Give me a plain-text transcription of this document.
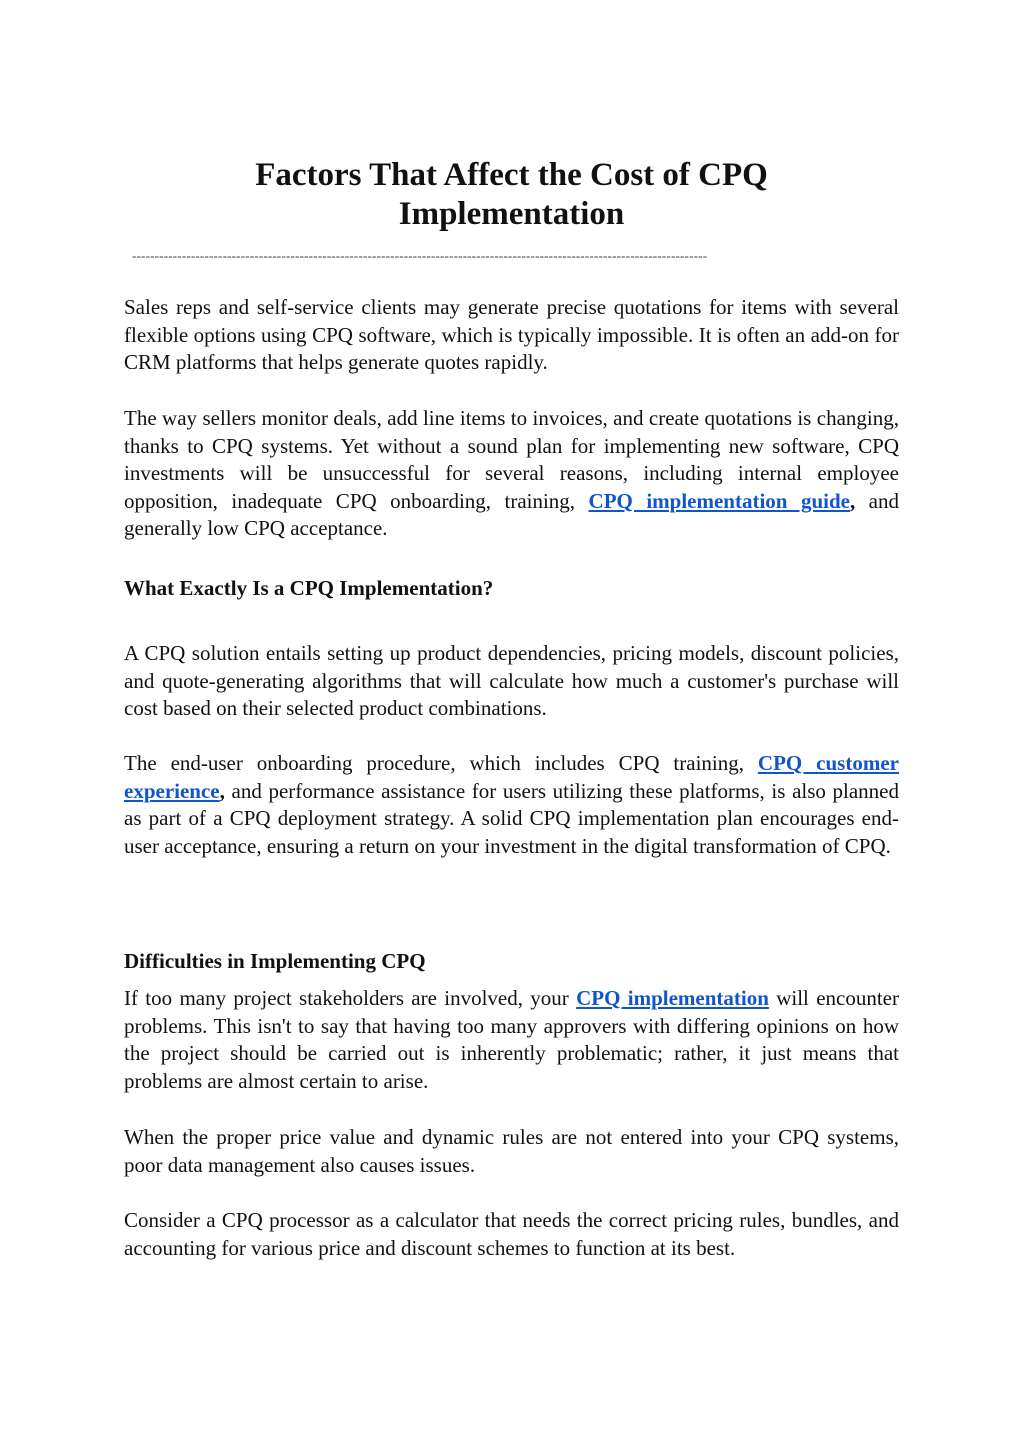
Factors That Affect the Cost of CPQ
Implementation
-------------------------------------------------------------------------------------------------------------------------------

Sales reps and self-service clients may generate precise quotations for items with several flexible options using CPQ software, which is typically impossible. It is often an add-on for CRM platforms that helps generate quotes rapidly.

The way sellers monitor deals, add line items to invoices, and create quotations is changing, thanks to CPQ systems. Yet without a sound plan for implementing new software, CPQ investments will be unsuccessful for several reasons, including internal employee opposition, inadequate CPQ onboarding, training, CPQ implementation guide, and generally low CPQ acceptance.

What Exactly Is a CPQ Implementation?

A CPQ solution entails setting up product dependencies, pricing models, discount policies, and quote-generating algorithms that will calculate how much a customer's purchase will cost based on their selected product combinations.

The end-user onboarding procedure, which includes CPQ training, CPQ customer experience, and performance assistance for users utilizing these platforms, is also planned as part of a CPQ deployment strategy. A solid CPQ implementation plan encourages end-user acceptance, ensuring a return on your investment in the digital transformation of CPQ.

Difficulties in Implementing CPQ

If too many project stakeholders are involved, your CPQ implementation will encounter problems. This isn't to say that having too many approvers with differing opinions on how the project should be carried out is inherently problematic; rather, it just means that problems are almost certain to arise.

When the proper price value and dynamic rules are not entered into your CPQ systems, poor data management also causes issues.

Consider a CPQ processor as a calculator that needs the correct pricing rules, bundles, and accounting for various price and discount schemes to function at its best.
